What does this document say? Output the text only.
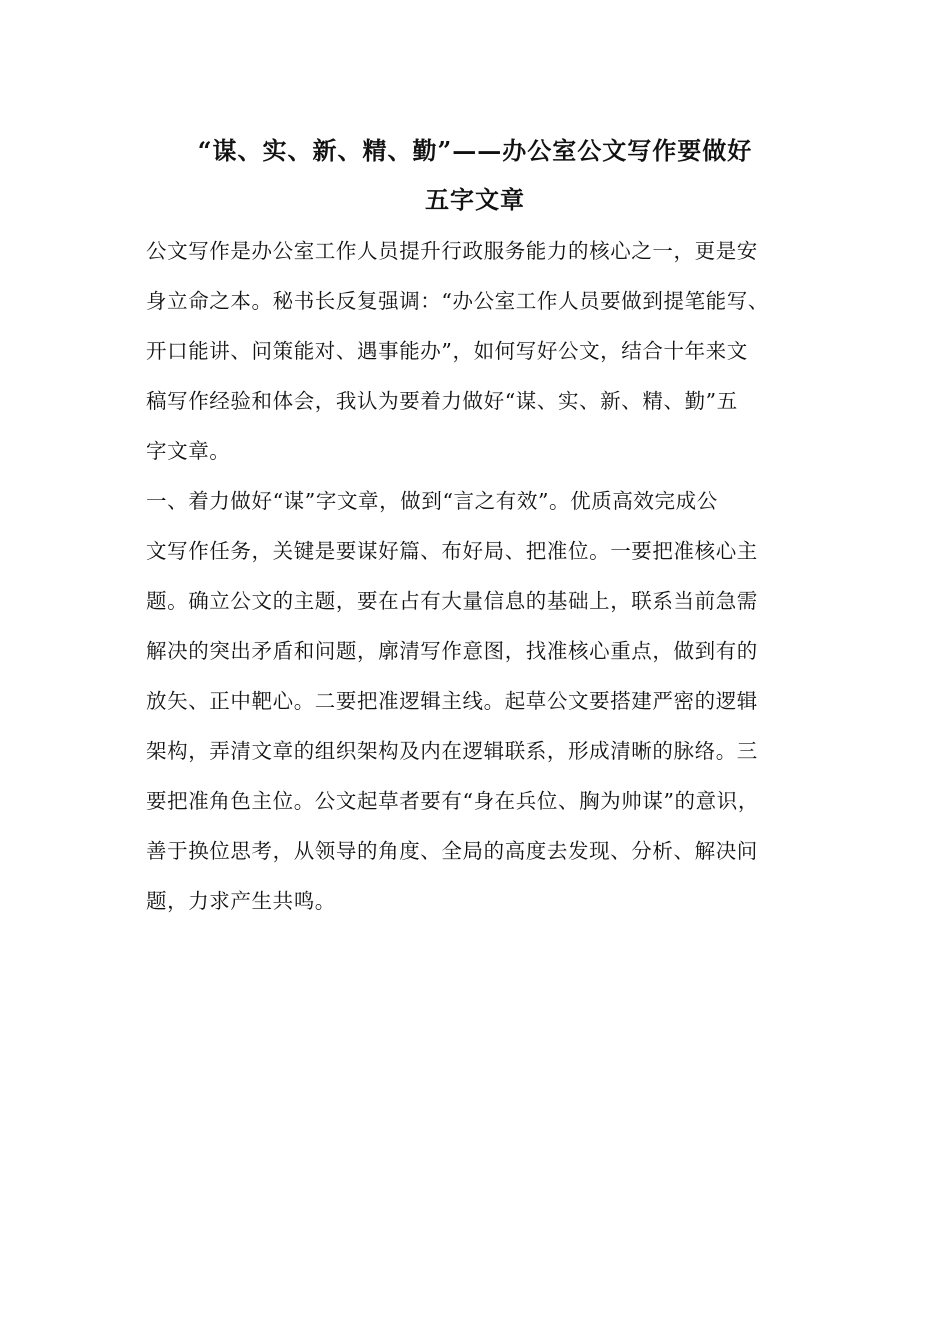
“谋、实、新、精、勤”——办公室公文写作要做好
五字文章
公文写作是办公室工作人员提升行政服务能力的核心之一，更是安
身立命之本。秘书长反复强调：“办公室工作人员要做到提笔能写、
开口能讲、问策能对、遇事能办”，如何写好公文，结合十年来文
稿写作经验和体会，我认为要着力做好“谋、实、新、精、勤”五
字文章。
一、着力做好“谋”字文章，做到“言之有效”。优质高效完成公
文写作任务，关键是要谋好篇、布好局、把准位。一要把准核心主
题。确立公文的主题，要在占有大量信息的基础上，联系当前急需
解决的突出矛盾和问题，廓清写作意图，找准核心重点，做到有的
放矢、正中靶心。二要把准逻辑主线。起草公文要搭建严密的逻辑
架构，弄清文章的组织架构及内在逻辑联系，形成清晰的脉络。三
要把准角色主位。公文起草者要有“身在兵位、胸为帅谋”的意识，
善于换位思考，从领导的角度、全局的高度去发现、分析、解决问
题，力求产生共鸣。
